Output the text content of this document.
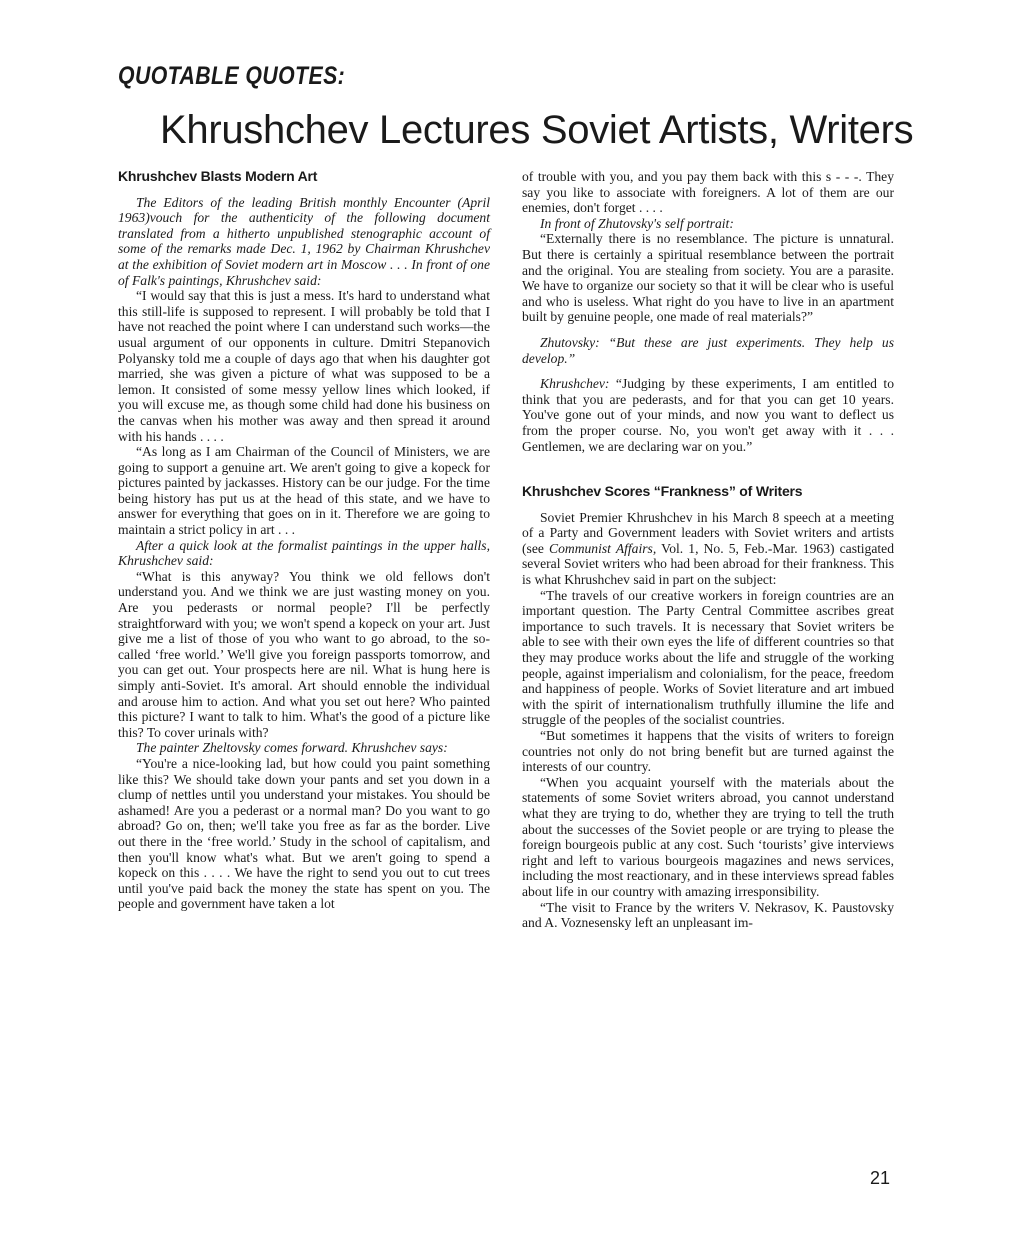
QUOTABLE QUOTES:
Khrushchev Lectures Soviet Artists, Writers
Khrushchev Blasts Modern Art

The Editors of the leading British monthly Encounter (April 1963)vouch for the authenticity of the following document translated from a hitherto unpublished stenographic account of some of the remarks made Dec. 1, 1962 by Chairman Khrushchev at the exhibition of Soviet modern art in Moscow . . . In front of one of Falk's paintings, Khrushchev said:

“I would say that this is just a mess. It's hard to understand what this still-life is supposed to represent. I will probably be told that I have not reached the point where I can understand such works—the usual argument of our opponents in culture. Dmitri Stepanovich Polyansky told me a couple of days ago that when his daughter got married, she was given a picture of what was supposed to be a lemon. It consisted of some messy yellow lines which looked, if you will excuse me, as though some child had done his business on the canvas when his mother was away and then spread it around with his hands . . . .

“As long as I am Chairman of the Council of Ministers, we are going to support a genuine art. We aren't going to give a kopeck for pictures painted by jackasses. History can be our judge. For the time being history has put us at the head of this state, and we have to answer for everything that goes on in it. Therefore we are going to maintain a strict policy in art . . .

After a quick look at the formalist paintings in the upper halls, Khrushchev said:

“What is this anyway? You think we old fellows don't understand you. And we think we are just wasting money on you. Are you pederasts or normal people? I'll be perfectly straightforward with you; we won't spend a kopeck on your art. Just give me a list of those of you who want to go abroad, to the so-called ‘free world.’ We'll give you foreign passports tomorrow, and you can get out. Your prospects here are nil. What is hung here is simply anti-Soviet. It's amoral. Art should ennoble the individual and arouse him to action. And what you set out here? Who painted this picture? I want to talk to him. What's the good of a picture like this? To cover urinals with?

The painter Zheltovsky comes forward. Khrushchev says:

“You're a nice-looking lad, but how could you paint something like this? We should take down your pants and set you down in a clump of nettles until you understand your mistakes. You should be ashamed! Are you a pederast or a normal man? Do you want to go abroad? Go on, then; we'll take you free as far as the border. Live out there in the ‘free world.’ Study in the school of capitalism, and then you'll know what's what. But we aren't going to spend a kopeck on this . . . . We have the right to send you out to cut trees until you've paid back the money the state has spent on you. The people and government have taken a lot

of trouble with you, and you pay them back with this s - - -. They say you like to associate with foreigners. A lot of them are our enemies, don't forget . . . .

In front of Zhutovsky's self portrait:

“Externally there is no resemblance. The picture is unnatural. But there is certainly a spiritual resemblance between the portrait and the original. You are stealing from society. You are a parasite. We have to organize our society so that it will be clear who is useful and who is useless. What right do you have to live in an apartment built by genuine people, one made of real materials?”

Zhutovsky: “But these are just experiments. They help us develop.”

Khrushchev: “Judging by these experiments, I am entitled to think that you are pederasts, and for that you can get 10 years. You've gone out of your minds, and now you want to deflect us from the proper course. No, you won't get away with it . . . Gentlemen, we are declaring war on you.”

Khrushchev Scores “Frankness” of Writers

Soviet Premier Khrushchev in his March 8 speech at a meeting of a Party and Government leaders with Soviet writers and artists (see Communist Affairs, Vol. 1, No. 5, Feb.-Mar. 1963) castigated several Soviet writers who had been abroad for their frankness. This is what Khrushchev said in part on the subject:

“The travels of our creative workers in foreign countries are an important question. The Party Central Committee ascribes great importance to such travels. It is necessary that Soviet writers be able to see with their own eyes the life of different countries so that they may produce works about the life and struggle of the working people, against imperialism and colonialism, for the peace, freedom and happiness of people. Works of Soviet literature and art imbued with the spirit of internationalism truthfully illumine the life and struggle of the peoples of the socialist countries.

“But sometimes it happens that the visits of writers to foreign countries not only do not bring benefit but are turned against the interests of our country.

“When you acquaint yourself with the materials about the statements of some Soviet writers abroad, you cannot understand what they are trying to do, whether they are trying to tell the truth about the successes of the Soviet people or are trying to please the foreign bourgeois public at any cost. Such ‘tourists’ give interviews right and left to various bourgeois magazines and news services, including the most reactionary, and in these interviews spread fables about life in our country with amazing irresponsibility.

“The visit to France by the writers V. Nekrasov, K. Paustovsky and A. Voznesensky left an unpleasant im-

21
